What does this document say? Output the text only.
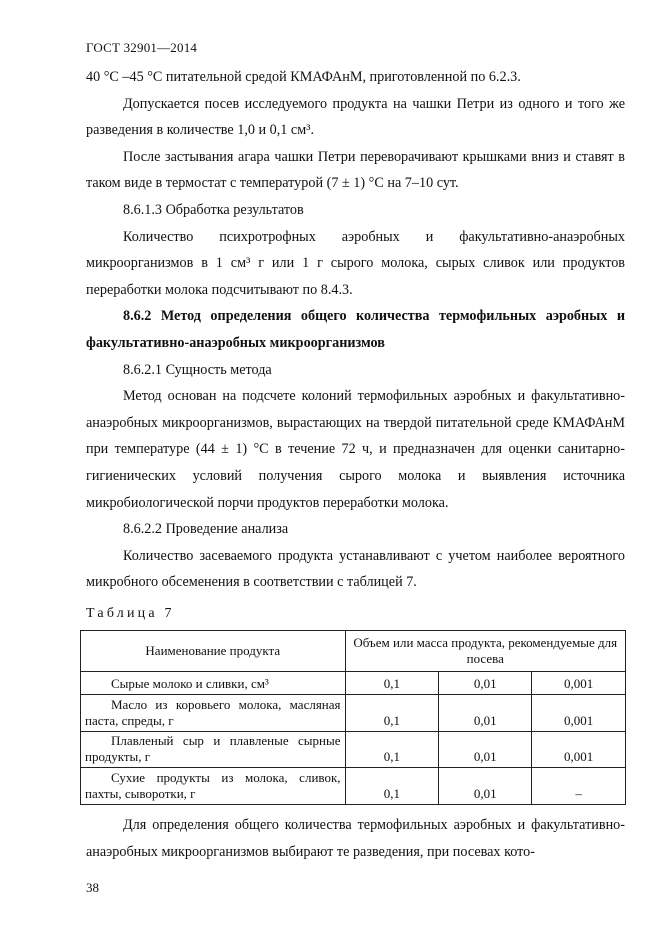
ГОСТ 32901—2014

40 °С –45 °С питательной средой КМАФАнМ, приготовленной по 6.2.3.

Допускается посев исследуемого продукта на чашки Петри из одного и того же разведения в количестве 1,0 и 0,1 см³.

После застывания агара чашки Петри переворачивают крышками вниз и ставят в таком виде в термостат с температурой (7 ± 1) °С на 7–10 сут.

8.6.1.3 Обработка результатов

Количество психротрофных аэробных и факультативно-анаэробных микроорганизмов в 1 см³ г или 1 г сырого молока, сырых сливок или продуктов переработки молока подсчитывают по 8.4.3.

8.6.2 Метод определения общего количества термофильных аэробных и факультативно-анаэробных микроорганизмов

8.6.2.1 Сущность метода

Метод основан на подсчете колоний термофильных аэробных и факультативно-анаэробных микроорганизмов, вырастающих на твердой питательной среде КМАФАнМ при температуре (44 ± 1) °С в течение 72 ч, и предназначен для оценки санитарно-гигиенических условий получения сырого молока и выявления источника микробиологической порчи продуктов переработки молока.

8.6.2.2 Проведение анализа

Количество засеваемого продукта устанавливают с учетом наиболее вероятного микробного обсеменения в соответствии с таблицей 7.

Таблица 7
Наименование продукта	Объем или масса продукта, рекомендуемые для посева		

Сырые молоко и сливки, см³	0,1	0,01	0,001

Масло из коровьего молока, масляная паста, спреды, г	0,1	0,01	0,001

Плавленый сыр и плавленые сырные продукты, г	0,1	0,01	0,001

Сухие продукты из молока, сливок, пахты, сыворотки, г	0,1	0,01	–

Для определения общего количества термофильных аэробных и факультативно-анаэробных микроорганизмов выбирают те разведения, при посевах кото-

38
